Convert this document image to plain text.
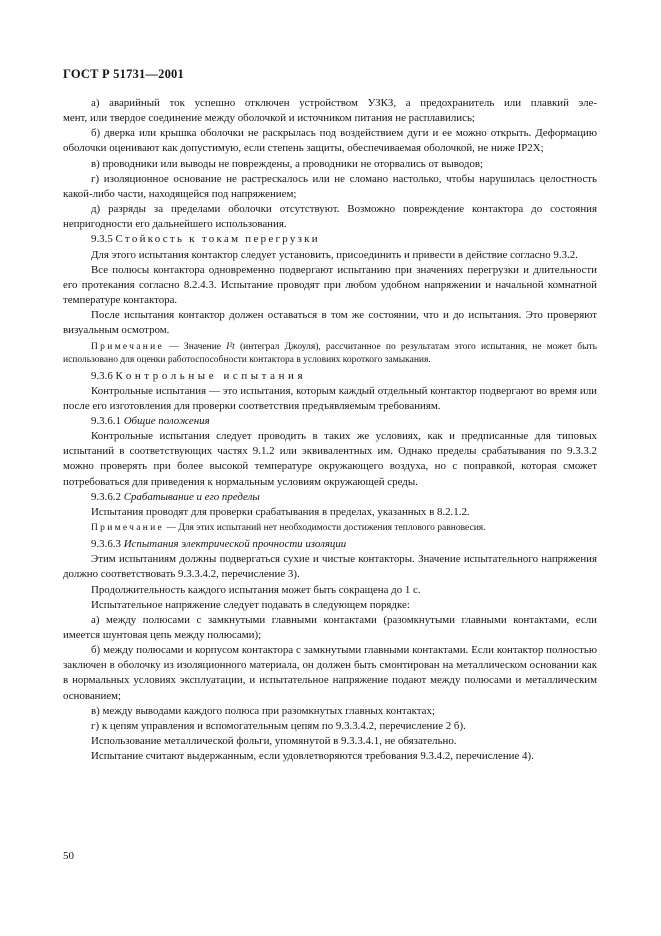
ГОСТ Р 51731—2001

а) аварийный ток успешно отключен устройством УЗКЗ, а предохранитель или плавкий эле-

мент, или твердое соединение между оболочкой и источником питания не расплавились;

б) дверка или крышка оболочки не раскрылась под воздействием дуги и ее можно открыть. Деформацию оболочки оценивают как допустимую, если степень защиты, обеспечиваемая оболочкой, не ниже IP2X;

в) проводники или выводы не повреждены, а проводники не оторвались от выводов;

г) изоляционное основание не растрескалось или не сломано настолько, чтобы нарушилась целостность какой-либо части, находящейся под напряжением;

д) разряды за пределами оболочки отсутствуют. Возможно повреждение контактора до состояния непригодности его дальнейшего использования.

9.3.5 Стойкость к токам перегрузки

Для этого испытания контактор следует установить, присоединить и привести в действие согласно 9.3.2.

Все полюсы контактора одновременно подвергают испытанию при значениях перегрузки и длительности его протекания согласно 8.2.4.3. Испытание проводят при любом удобном напряжении и начальной комнатной температуре контактора.

После испытания контактор должен оставаться в том же состоянии, что и до испытания. Это проверяют визуальным осмотром.

Примечание — Значение I²t (интеграл Джоуля), рассчитанное по результатам этого испытания, не может быть использовано для оценки работоспособности контактора в условиях короткого замыкания.

9.3.6 Контрольные испытания

Контрольные испытания — это испытания, которым каждый отдельный контактор подвергают во время или после его изготовления для проверки соответствия предъявляемым требованиям.

9.3.6.1 Общие положения

Контрольные испытания следует проводить в таких же условиях, как и предписанные для типовых испытаний в соответствующих частях 9.1.2 или эквивалентных им. Однако пределы срабатывания по 9.3.3.2 можно проверять при более высокой температуре окружающего воздуха, но с поправкой, которая сможет потребоваться для приведения к нормальным условиям окружающей среды.

9.3.6.2 Срабатывание и его пределы

Испытания проводят для проверки срабатывания в пределах, указанных в 8.2.1.2.

Примечание — Для этих испытаний нет необходимости достижения теплового равновесия.

9.3.6.3 Испытания электрической прочности изоляции

Этим испытаниям должны подвергаться сухие и чистые контакторы. Значение испытательного напряжения должно соответствовать 9.3.3.4.2, перечисление 3).

Продолжительность каждого испытания может быть сокращена до 1 с.

Испытательное напряжение следует подавать в следующем порядке:

а) между полюсами с замкнутыми главными контактами (разомкнутыми главными контактами, если имеется шунтовая цепь между полюсами);

б) между полюсами и корпусом контактора с замкнутыми главными контактами. Если контактор полностью заключен в оболочку из изоляционного материала, он должен быть смонтирован на металлическом основании как в нормальных условиях эксплуатации, и испытательное напряжение подают между полюсами и металлическим основанием;

в) между выводами каждого полюса при разомкнутых главных контактах;

г) к цепям управления и вспомогательным цепям по 9.3.3.4.2, перечисление 2 б).

Использование металлической фольги, упомянутой в 9.3.3.4.1, не обязательно.

Испытание считают выдержанным, если удовлетворяются требования 9.3.4.2, перечисление 4).

50
